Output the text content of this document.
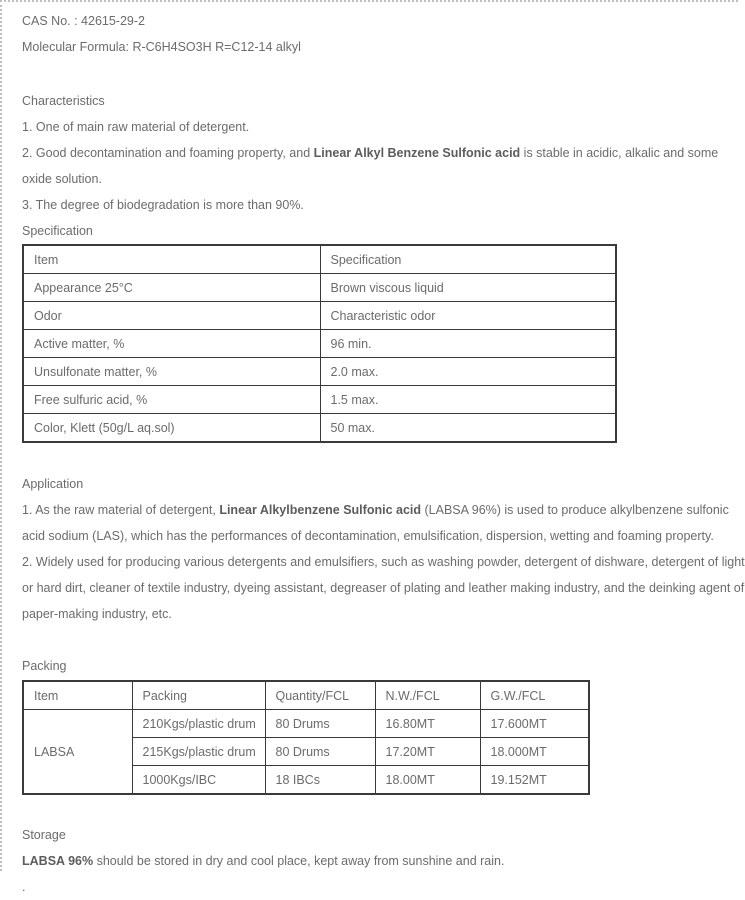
CAS No. : 42615-29-2
Molecular Formula: R-C6H4SO3H R=C12-14 alkyl
Characteristics
1. One of main raw material of detergent.
2. Good decontamination and foaming property, and Linear Alkyl Benzene Sulfonic acid is stable in acidic, alkalic and some
oxide solution.
3. The degree of biodegradation is more than 90%.
Specification
Item	Specification
Appearance 25°C	Brown viscous liquid
Odor	Characteristic odor
Active matter, %	96 min.
Unsulfonate matter, %	2.0 max.
Free sulfuric acid, %	1.5 max.
Color, Klett (50g/L aq.sol)	50 max.
Application
1. As the raw material of detergent, Linear Alkylbenzene Sulfonic acid (LABSA 96%) is used to produce alkylbenzene sulfonic
acid sodium (LAS), which has the performances of decontamination, emulsification, dispersion, wetting and foaming property.
2. Widely used for producing various detergents and emulsifiers, such as washing powder, detergent of dishware, detergent of light
or hard dirt, cleaner of textile industry, dyeing assistant, degreaser of plating and leather making industry, and the deinking agent of
paper-making industry, etc.
Packing
Item	Packing	Quantity/FCL	N.W./FCL	G.W./FCL
LABSA	210Kgs/plastic drum	80 Drums	16.80MT	17.600MT
	215Kgs/plastic drum	80 Drums	17.20MT	18.000MT
	1000Kgs/IBC	18 IBCs	18.00MT	19.152MT
Storage
LABSA 96% should be stored in dry and cool place, kept away from sunshine and rain.
.
